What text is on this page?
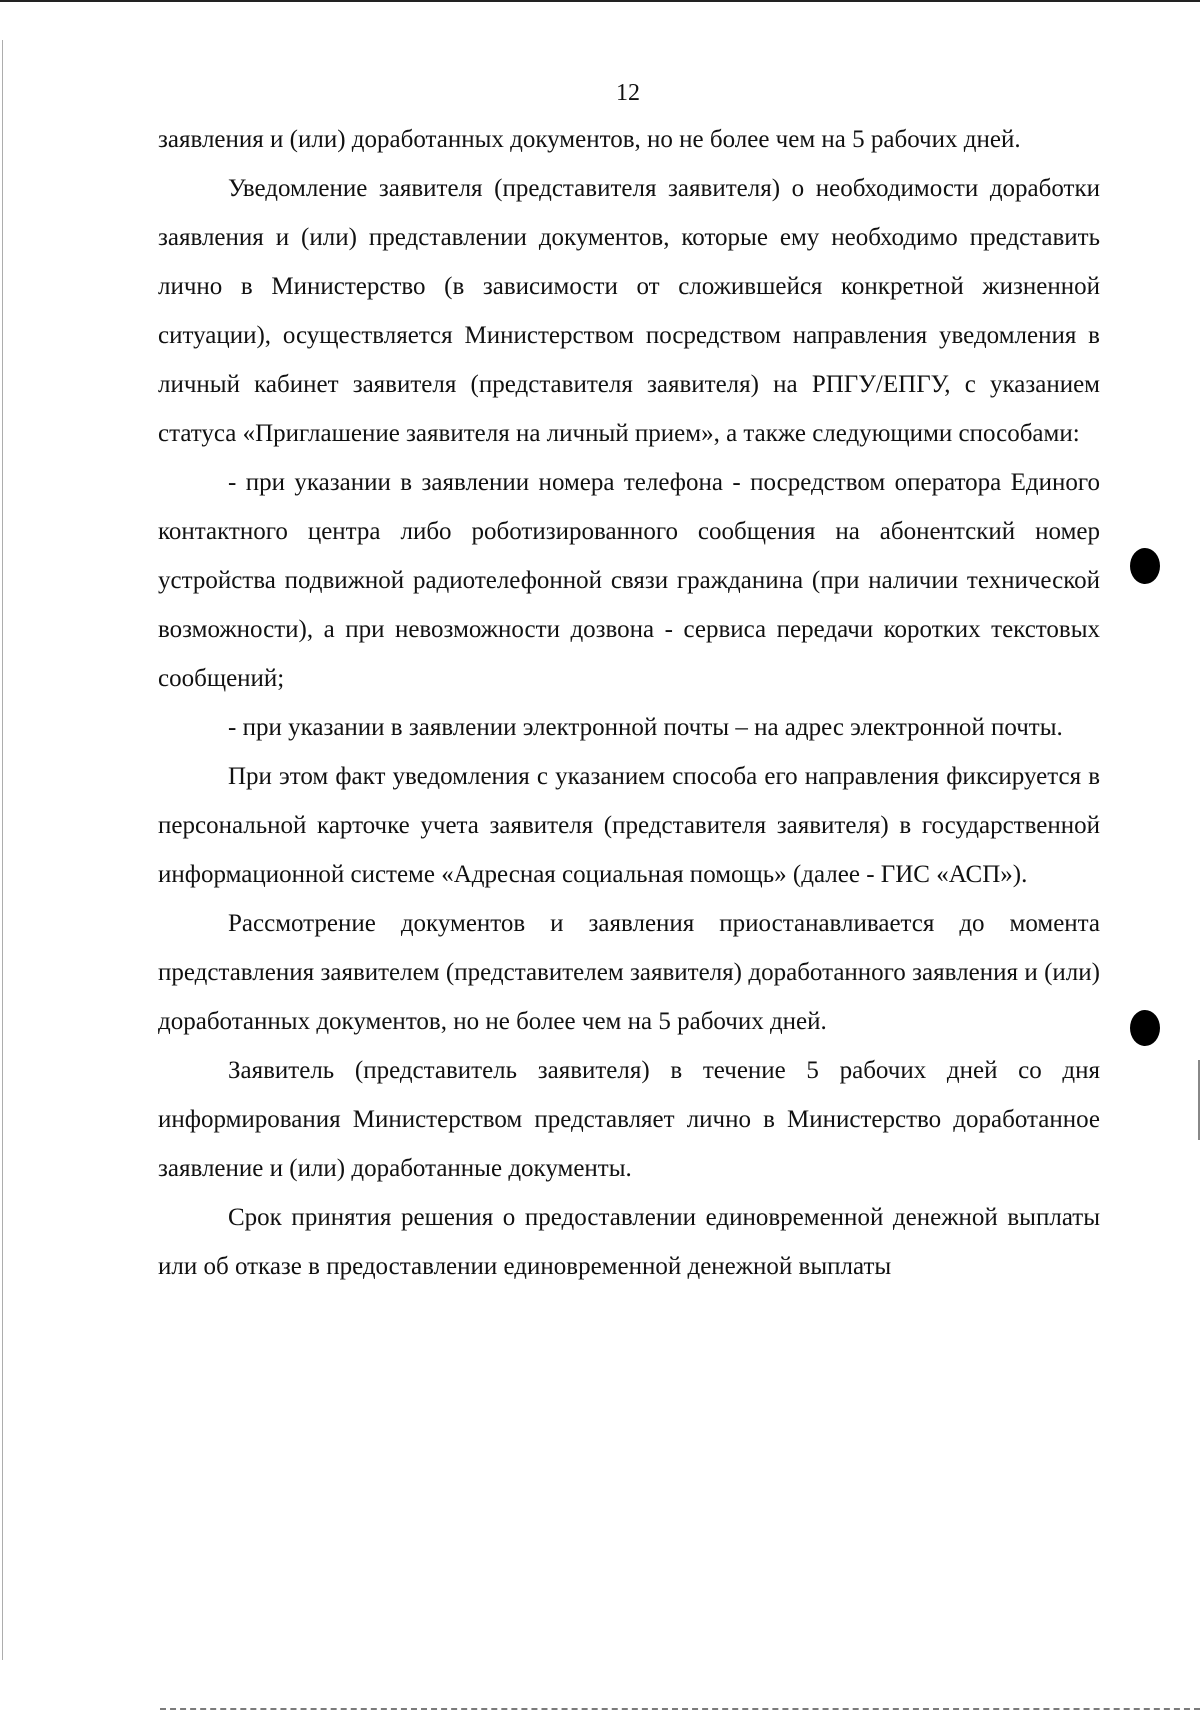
12

заявления и (или) доработанных документов, но не более чем на 5 рабочих дней.

Уведомление заявителя (представителя заявителя) о необходимости доработки заявления и (или) представлении документов, которые ему необходимо представить лично в Министерство (в зависимости от сложившейся конкретной жизненной ситуации), осуществляется Министерством посредством направления уведомления в личный кабинет заявителя (представителя заявителя) на РПГУ/ЕПГУ, с указанием статуса «Приглашение заявителя на личный прием», а также следующими способами:

- при указании в заявлении номера телефона - посредством оператора Единого контактного центра либо роботизированного сообщения на абонентский номер устройства подвижной радиотелефонной связи гражданина (при наличии технической возможности), а при невозможности дозвона - сервиса передачи коротких текстовых сообщений;

- при указании в заявлении электронной почты – на адрес электронной почты.

При этом факт уведомления с указанием способа его направления фиксируется в персональной карточке учета заявителя (представителя заявителя) в государственной информационной системе «Адресная социальная помощь» (далее - ГИС «АСП»).

Рассмотрение документов и заявления приостанавливается до момента представления заявителем (представителем заявителя) доработанного заявления и (или) доработанных документов, но не более чем на 5 рабочих дней.

Заявитель (представитель заявителя) в течение 5 рабочих дней со дня информирования Министерством представляет лично в Министерство доработанное заявление и (или) доработанные документы.

Срок принятия решения о предоставлении единовременной денежной выплаты или об отказе в предоставлении единовременной денежной выплаты
